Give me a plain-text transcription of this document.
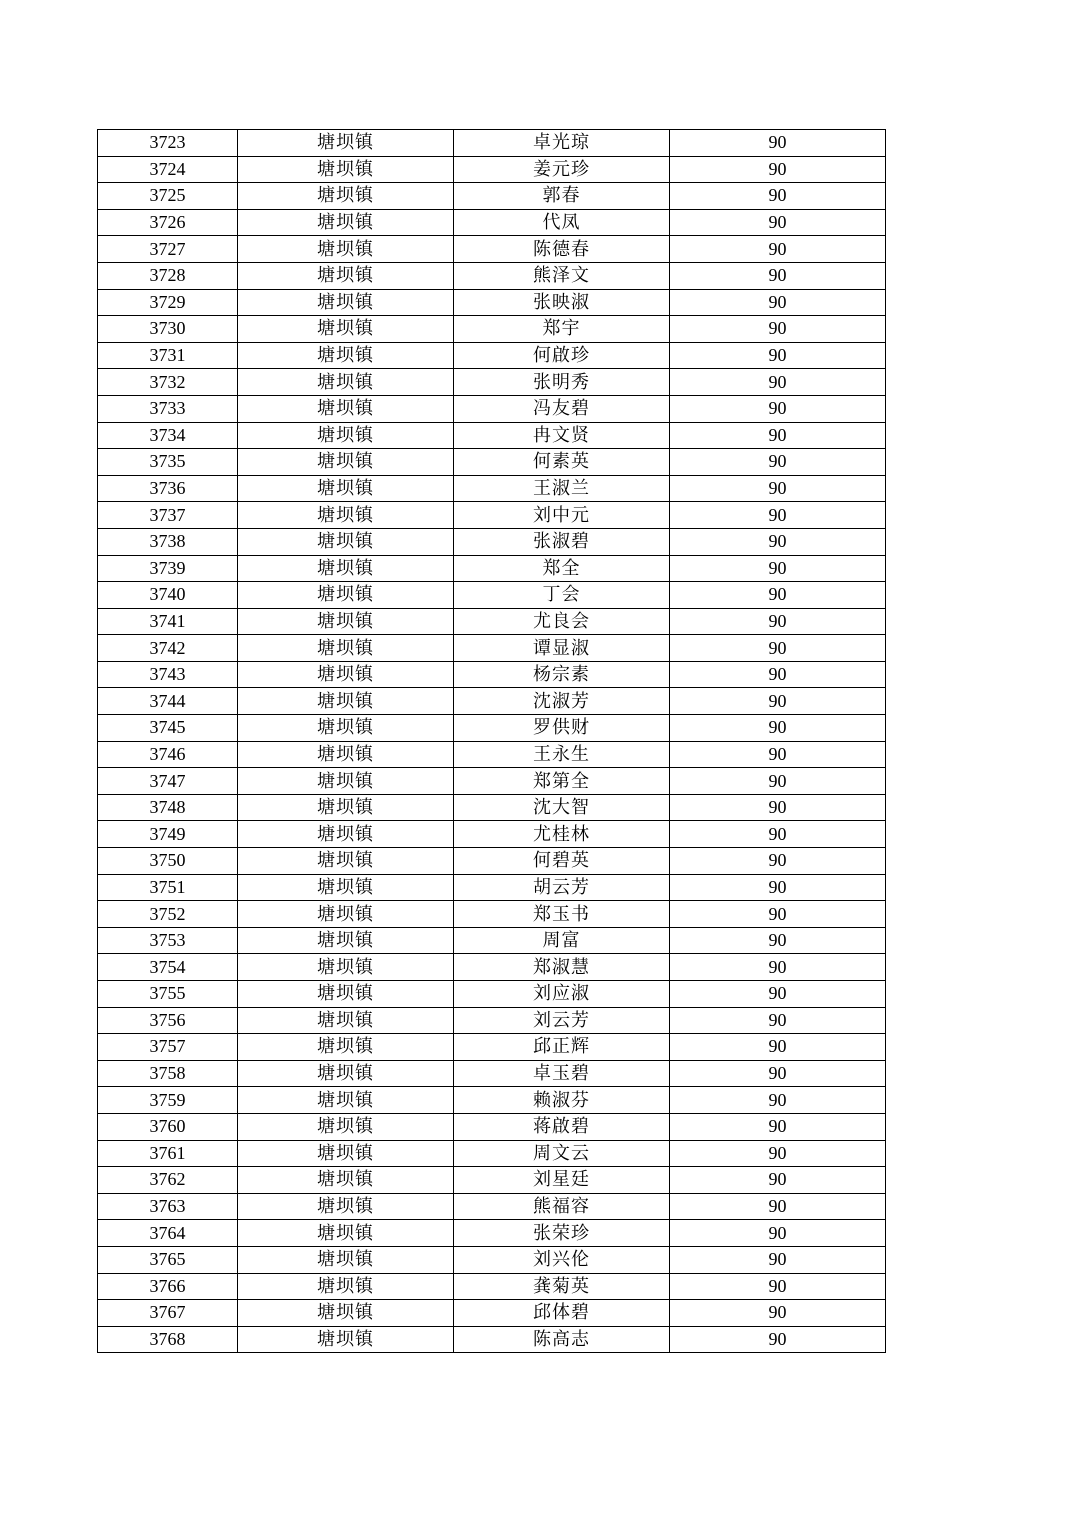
3723	塘坝镇	卓光琼	90
3724	塘坝镇	姜元珍	90
3725	塘坝镇	郭春	90
3726	塘坝镇	代凤	90
3727	塘坝镇	陈德春	90
3728	塘坝镇	熊泽文	90
3729	塘坝镇	张映淑	90
3730	塘坝镇	郑宇	90
3731	塘坝镇	何啟珍	90
3732	塘坝镇	张明秀	90
3733	塘坝镇	冯友碧	90
3734	塘坝镇	冉文贤	90
3735	塘坝镇	何素英	90
3736	塘坝镇	王淑兰	90
3737	塘坝镇	刘中元	90
3738	塘坝镇	张淑碧	90
3739	塘坝镇	郑全	90
3740	塘坝镇	丁会	90
3741	塘坝镇	尤良会	90
3742	塘坝镇	谭显淑	90
3743	塘坝镇	杨宗素	90
3744	塘坝镇	沈淑芳	90
3745	塘坝镇	罗供财	90
3746	塘坝镇	王永生	90
3747	塘坝镇	郑第全	90
3748	塘坝镇	沈大智	90
3749	塘坝镇	尤桂林	90
3750	塘坝镇	何碧英	90
3751	塘坝镇	胡云芳	90
3752	塘坝镇	郑玉书	90
3753	塘坝镇	周富	90
3754	塘坝镇	郑淑慧	90
3755	塘坝镇	刘应淑	90
3756	塘坝镇	刘云芳	90
3757	塘坝镇	邱正辉	90
3758	塘坝镇	卓玉碧	90
3759	塘坝镇	赖淑芬	90
3760	塘坝镇	蒋啟碧	90
3761	塘坝镇	周文云	90
3762	塘坝镇	刘星廷	90
3763	塘坝镇	熊福容	90
3764	塘坝镇	张荣珍	90
3765	塘坝镇	刘兴伦	90
3766	塘坝镇	龚菊英	90
3767	塘坝镇	邱体碧	90
3768	塘坝镇	陈高志	90
